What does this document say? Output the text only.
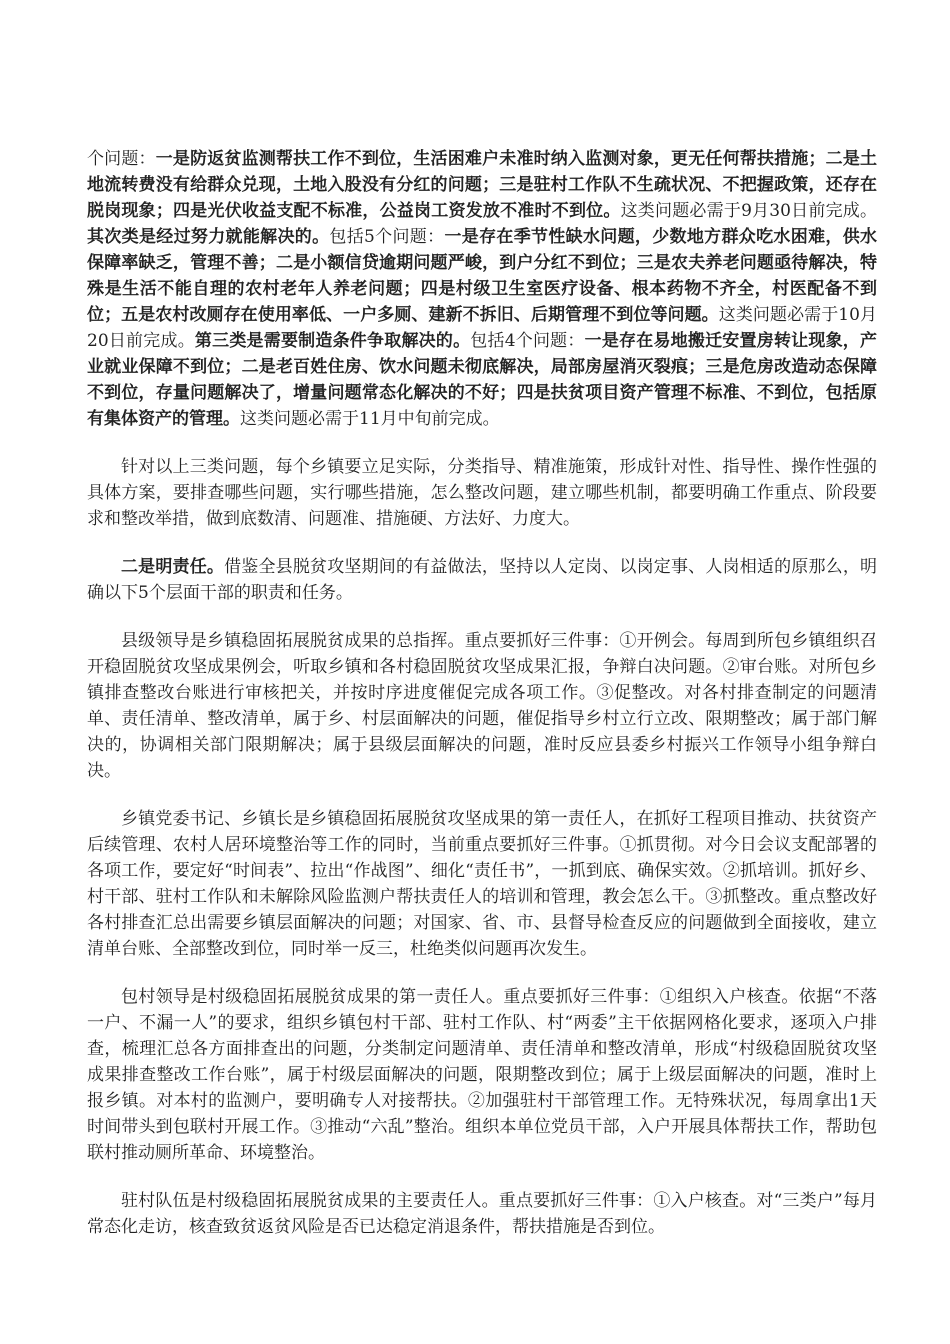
个问题：一是防返贫监测帮扶工作不到位，生活困难户未准时纳入监测对象，更无任何帮扶措施；二是土地流转费没有给群众兑现，土地入股没有分红的问题；三是驻村工作队不生疏状况、不把握政策，还存在脱岗现象；四是光伏收益支配不标准，公益岗工资发放不准时不到位。这类问题必需于9月30日前完成。其次类是经过努力就能解决的。包括5个问题：一是存在季节性缺水问题，少数地方群众吃水困难，供水保障率缺乏，管理不善；二是小额信贷逾期问题严峻，到户分红不到位；三是农夫养老问题亟待解决，特殊是生活不能自理的农村老年人养老问题；四是村级卫生室医疗设备、根本药物不齐全，村医配备不到位；五是农村改厕存在使用率低、一户多厕、建新不拆旧、后期管理不到位等问题。这类问题必需于10月20日前完成。第三类是需要制造条件争取解决的。包括4个问题：一是存在易地搬迁安置房转让现象，产业就业保障不到位；二是老百姓住房、饮水问题未彻底解决，局部房屋消灭裂痕；三是危房改造动态保障不到位，存量问题解决了，增量问题常态化解决的不好；四是扶贫项目资产管理不标准、不到位，包括原有集体资产的管理。这类问题必需于11月中旬前完成。
针对以上三类问题，每个乡镇要立足实际，分类指导、精准施策，形成针对性、指导性、操作性强的具体方案，要排查哪些问题，实行哪些措施，怎么整改问题，建立哪些机制，都要明确工作重点、阶段要求和整改举措，做到底数清、问题准、措施硬、方法好、力度大。
二是明责任。借鉴全县脱贫攻坚期间的有益做法，坚持以人定岗、以岗定事、人岗相适的原那么，明确以下5个层面干部的职责和任务。
县级领导是乡镇稳固拓展脱贫成果的总指挥。重点要抓好三件事：①开例会。每周到所包乡镇组织召开稳固脱贫攻坚成果例会，听取乡镇和各村稳固脱贫攻坚成果汇报，争辩白决问题。②审台账。对所包乡镇排查整改台账进行审核把关，并按时序进度催促完成各项工作。③促整改。对各村排查制定的问题清单、责任清单、整改清单，属于乡、村层面解决的问题，催促指导乡村立行立改、限期整改；属于部门解决的，协调相关部门限期解决；属于县级层面解决的问题，准时反应县委乡村振兴工作领导小组争辩白决。
乡镇党委书记、乡镇长是乡镇稳固拓展脱贫攻坚成果的第一责任人，在抓好工程项目推动、扶贫资产后续管理、农村人居环境整治等工作的同时，当前重点要抓好三件事。①抓贯彻。对今日会议支配部署的各项工作，要定好“时间表”、拉出“作战图”、细化“责任书”，一抓到底、确保实效。②抓培训。抓好乡、村干部、驻村工作队和未解除风险监测户帮扶责任人的培训和管理，教会怎么干。③抓整改。重点整改好各村排查汇总出需要乡镇层面解决的问题；对国家、省、市、县督导检查反应的问题做到全面接收，建立清单台账、全部整改到位，同时举一反三，杜绝类似问题再次发生。
包村领导是村级稳固拓展脱贫成果的第一责任人。重点要抓好三件事：①组织入户核查。依据“不落一户、不漏一人”的要求，组织乡镇包村干部、驻村工作队、村“两委”主干依据网格化要求，逐项入户排查，梳理汇总各方面排查出的问题，分类制定问题清单、责任清单和整改清单，形成“村级稳固脱贫攻坚成果排查整改工作台账”，属于村级层面解决的问题，限期整改到位；属于上级层面解决的问题，准时上报乡镇。对本村的监测户，要明确专人对接帮扶。②加强驻村干部管理工作。无特殊状况，每周拿出1天时间带头到包联村开展工作。③推动“六乱”整治。组织本单位党员干部，入户开展具体帮扶工作，帮助包联村推动厕所革命、环境整治。
驻村队伍是村级稳固拓展脱贫成果的主要责任人。重点要抓好三件事：①入户核查。对“三类户”每月常态化走访，核查致贫返贫风险是否已达稳定消退条件，帮扶措施是否到位。
